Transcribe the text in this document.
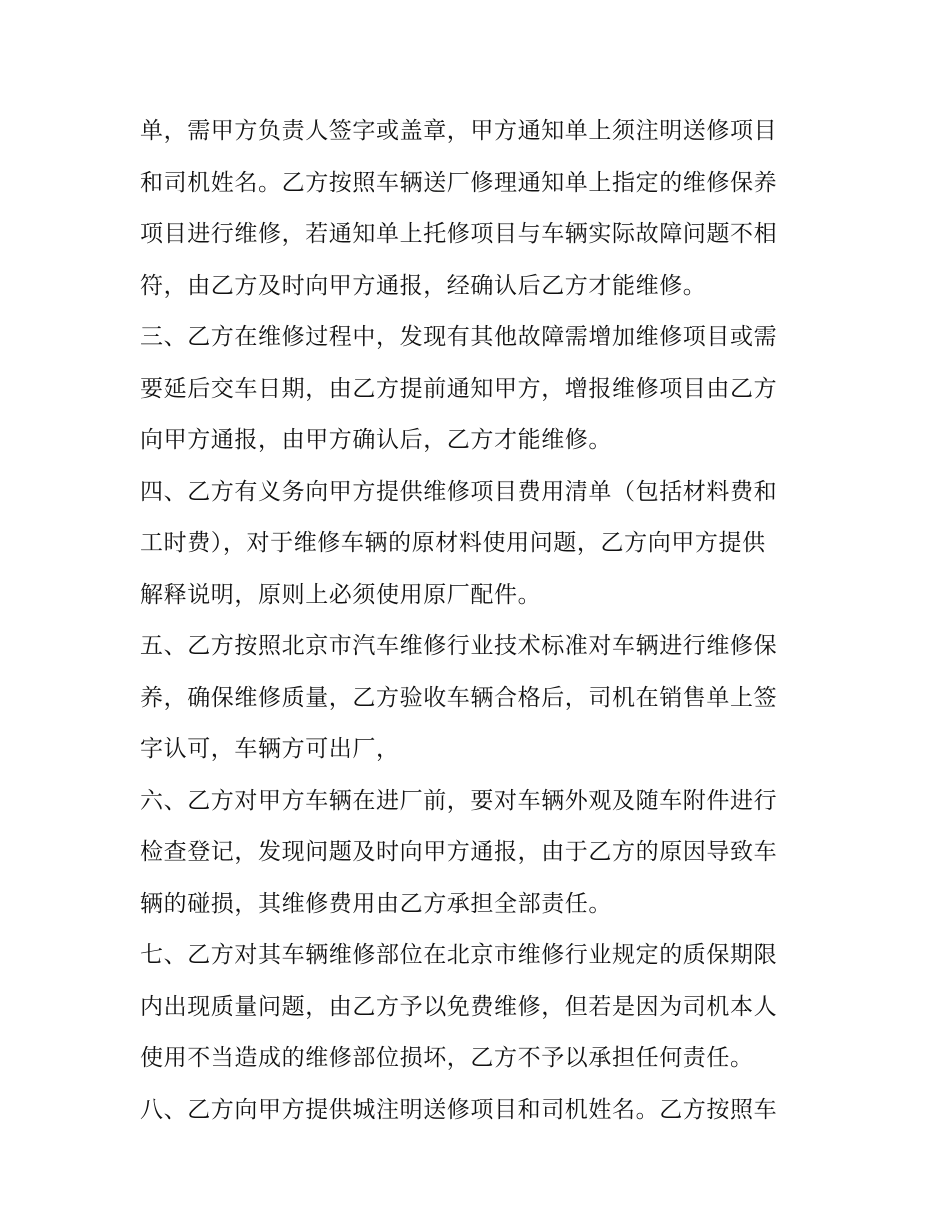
单，需甲方负责人签字或盖章，甲方通知单上须注明送修项目
和司机姓名。乙方按照车辆送厂修理通知单上指定的维修保养
项目进行维修，若通知单上托修项目与车辆实际故障问题不相
符，由乙方及时向甲方通报，经确认后乙方才能维修。
三、乙方在维修过程中，发现有其他故障需增加维修项目或需
要延后交车日期，由乙方提前通知甲方，增报维修项目由乙方
向甲方通报，由甲方确认后，乙方才能维修。
四、乙方有义务向甲方提供维修项目费用清单（包括材料费和
工时费），对于维修车辆的原材料使用问题，乙方向甲方提供
解释说明，原则上必须使用原厂配件。
五、乙方按照北京市汽车维修行业技术标准对车辆进行维修保
养，确保维修质量，乙方验收车辆合格后，司机在销售单上签
字认可，车辆方可出厂，
六、乙方对甲方车辆在进厂前，要对车辆外观及随车附件进行
检查登记，发现问题及时向甲方通报，由于乙方的原因导致车
辆的碰损，其维修费用由乙方承担全部责任。
七、乙方对其车辆维修部位在北京市维修行业规定的质保期限
内出现质量问题，由乙方予以免费维修，但若是因为司机本人
使用不当造成的维修部位损坏，乙方不予以承担任何责任。
八、乙方向甲方提供城注明送修项目和司机姓名。乙方按照车
